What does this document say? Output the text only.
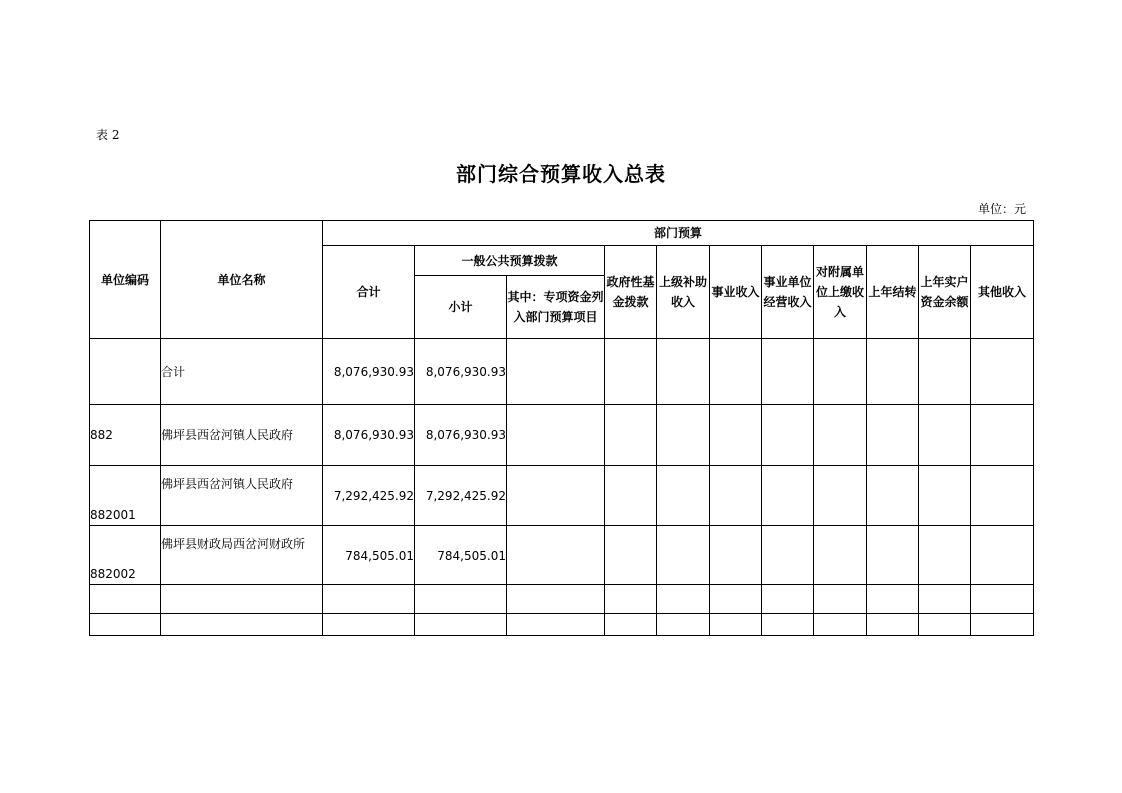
表 2
部门综合预算收入总表
单位：元
单位编码	单位名称	部门预算										
		合计	一般公共预算拨款		政府性基金拨款	上级补助收入	事业收入	事业单位经营收入	对附属单位上缴收入	上年结转	上年实户资金余额	其他收入
			小计	其中：专项资金列入部门预算项目								
	合计	8,076,930.93	8,076,930.93									
882	佛坪县西岔河镇人民政府	8,076,930.93	8,076,930.93									
882001	佛坪县西岔河镇人民政府	7,292,425.92	7,292,425.92									
882002	佛坪县财政局西岔河财政所	784,505.01	784,505.01									
